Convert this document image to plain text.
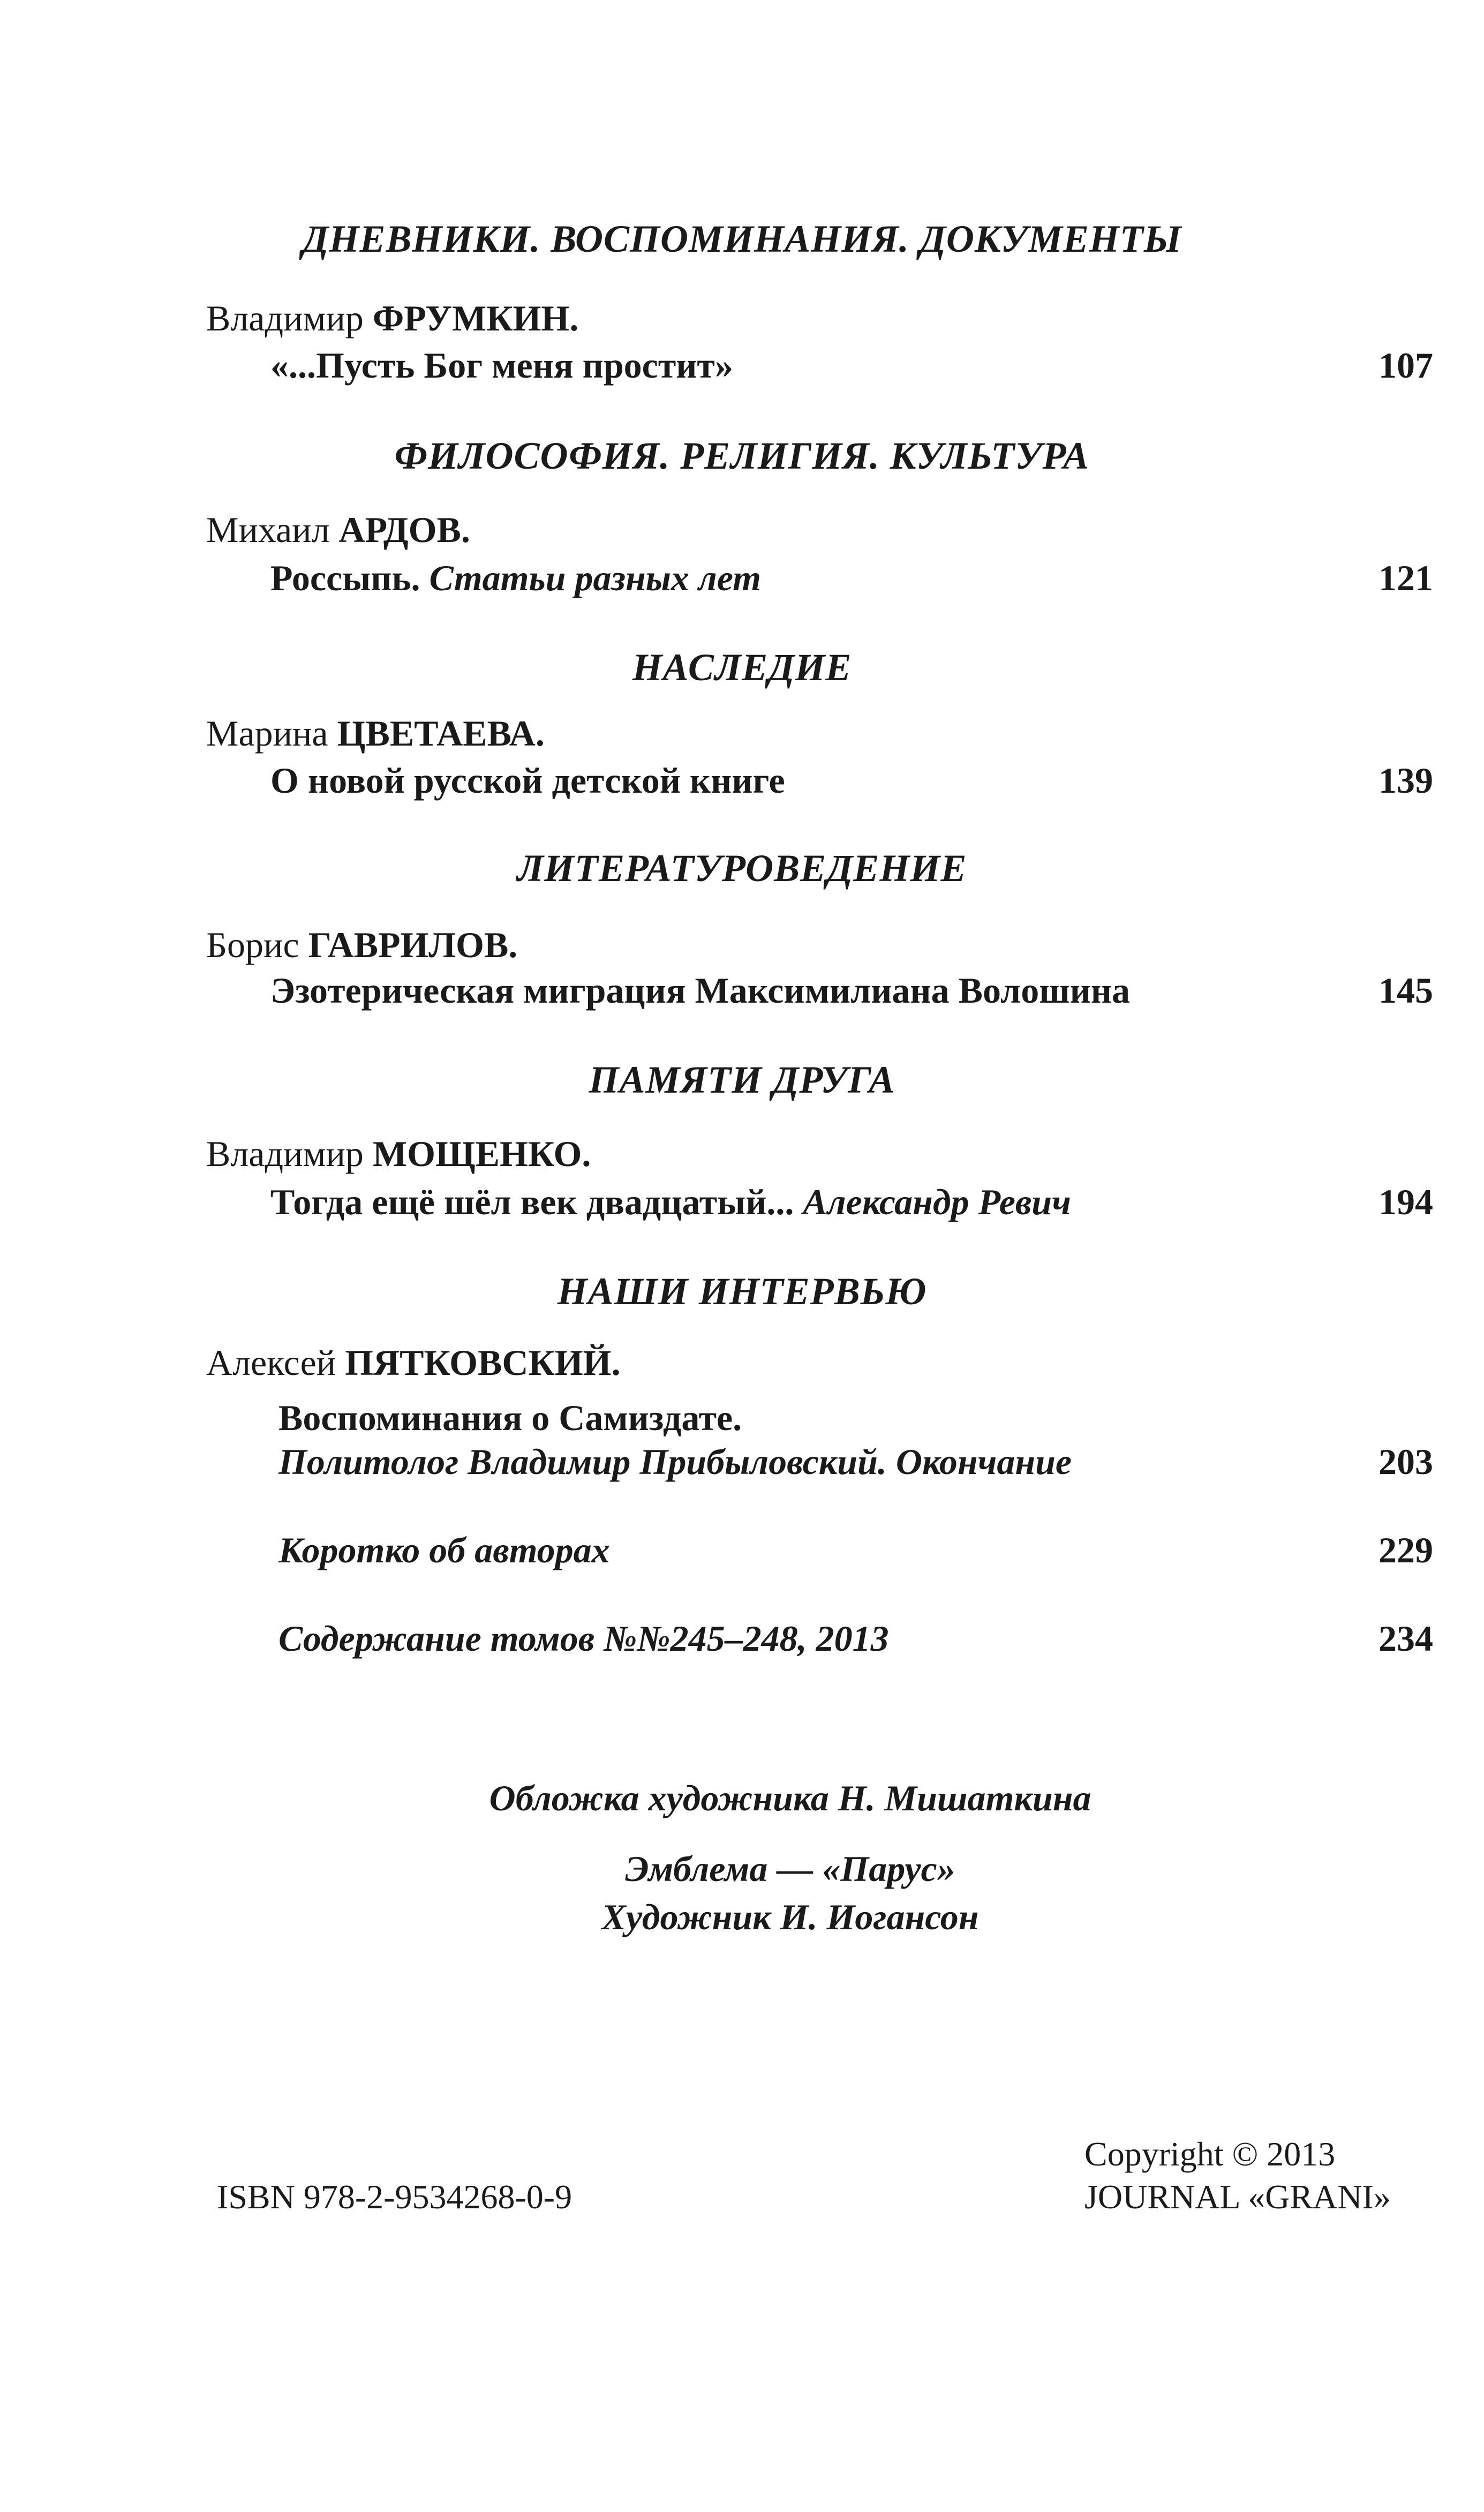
ДНЕВНИКИ. ВОСПОМИНАНИЯ. ДОКУМЕНТЫ
Владимир ФРУМКИН.
«...Пусть Бог меня простит»	107
ФИЛОСОФИЯ. РЕЛИГИЯ. КУЛЬТУРА
Михаил АРДОВ.
Россыпь. Статьи разных лет	121
НАСЛЕДИЕ
Марина ЦВЕТАЕВА.
О новой русской детской книге	139
ЛИТЕРАТУРОВЕДЕНИЕ
Борис ГАВРИЛОВ.
Эзотерическая миграция Максимилиана Волошина	145
ПАМЯТИ ДРУГА
Владимир МОЩЕНКО.
Тогда ещё шёл век двадцатый... Александр Ревич	194
НАШИ ИНТЕРВЬЮ
Алексей ПЯТКОВСКИЙ.
Воспоминания о Самиздате.
Политолог Владимир Прибыловский. Окончание	203
Коротко об авторах	229
Содержание томов №№245–248, 2013	234
Обложка художника Н. Мишаткина
Эмблема — «Парус»
Художник И. Иогансон
ISBN 978-2-9534268-0-9
Copyright © 2013
JOURNAL «GRANI»
